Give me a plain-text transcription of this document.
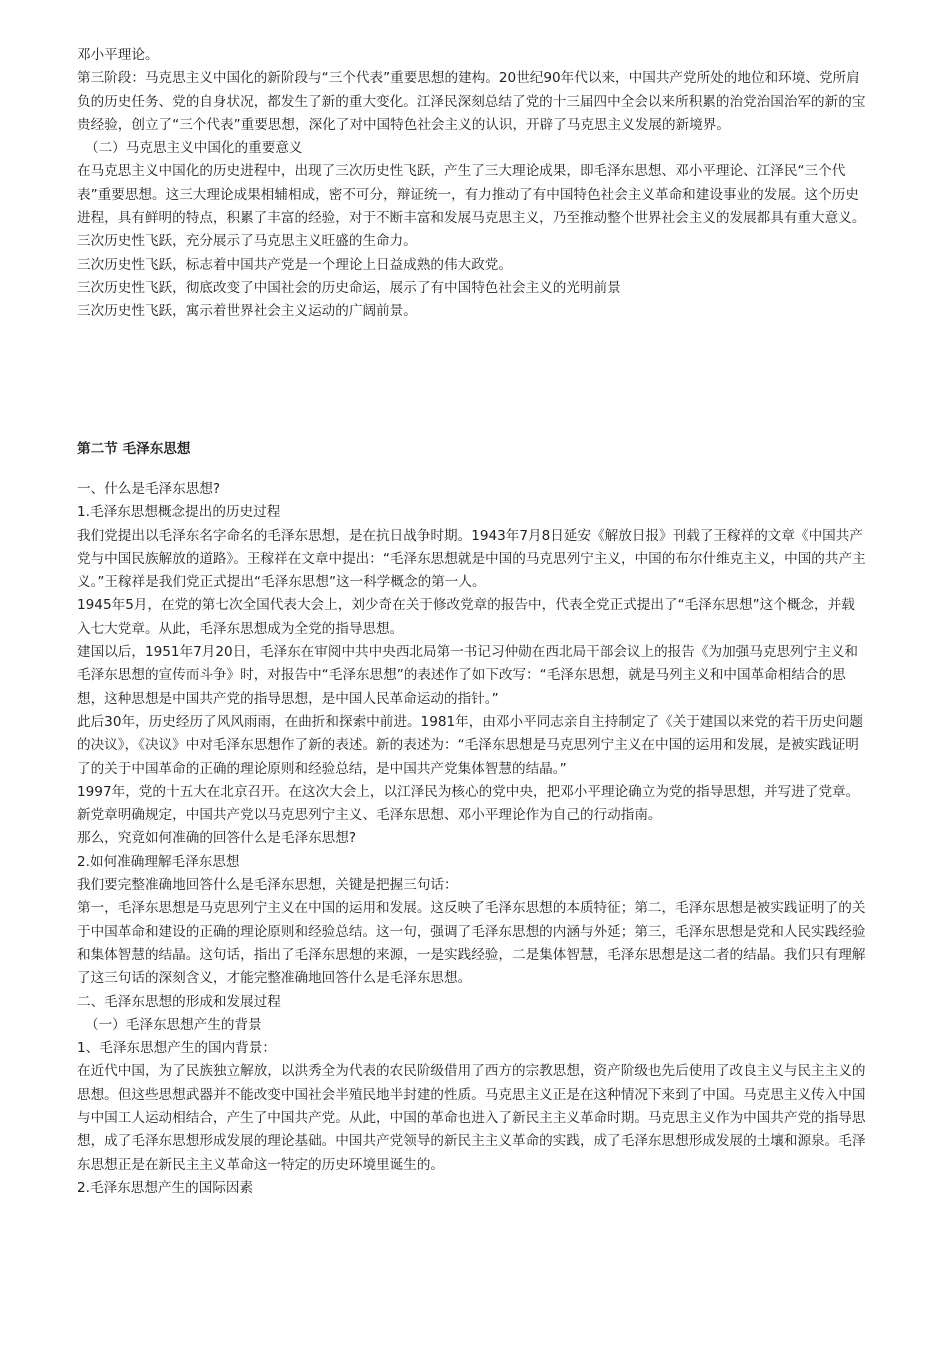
邓小平理论。

第三阶段：马克思主义中国化的新阶段与“三个代表”重要思想的建构。20世纪90年代以来，中国共产党所处的地位和环境、党所肩负的历史任务、党的自身状况，都发生了新的重大变化。江泽民深刻总结了党的十三届四中全会以来所积累的治党治国治军的新的宝贵经验，创立了“三个代表”重要思想，深化了对中国特色社会主义的认识，开辟了马克思主义发展的新境界。

（二）马克思主义中国化的重要意义

在马克思主义中国化的历史进程中，出现了三次历史性飞跃，产生了三大理论成果，即毛泽东思想、邓小平理论、江泽民“三个代表”重要思想。这三大理论成果相辅相成，密不可分，辩证统一，有力推动了有中国特色社会主义革命和建设事业的发展。这个历史进程，具有鲜明的特点，积累了丰富的经验，对于不断丰富和发展马克思主义，乃至推动整个世界社会主义的发展都具有重大意义。

三次历史性飞跃，充分展示了马克思主义旺盛的生命力。

三次历史性飞跃，标志着中国共产党是一个理论上日益成熟的伟大政党。

三次历史性飞跃，彻底改变了中国社会的历史命运，展示了有中国特色社会主义的光明前景

三次历史性飞跃，寓示着世界社会主义运动的广阔前景。

第二节 毛泽东思想

一、什么是毛泽东思想?

1.毛泽东思想概念提出的历史过程

我们党提出以毛泽东名字命名的毛泽东思想，是在抗日战争时期。1943年7月8日延安《解放日报》刊载了王稼祥的文章《中国共产党与中国民族解放的道路》。王稼祥在文章中提出：“毛泽东思想就是中国的马克思列宁主义，中国的布尔什维克主义，中国的共产主义。”王稼祥是我们党正式提出“毛泽东思想”这一科学概念的第一人。

1945年5月，在党的第七次全国代表大会上，刘少奇在关于修改党章的报告中，代表全党正式提出了“毛泽东思想”这个概念，并载入七大党章。从此，毛泽东思想成为全党的指导思想。

建国以后，1951年7月20日，毛泽东在审阅中共中央西北局第一书记习仲勋在西北局干部会议上的报告《为加强马克思列宁主义和毛泽东思想的宣传而斗争》时，对报告中“毛泽东思想”的表述作了如下改写：“毛泽东思想，就是马列主义和中国革命相结合的思想，这种思想是中国共产党的指导思想，是中国人民革命运动的指针。”

此后30年，历史经历了风风雨雨，在曲折和探索中前进。1981年，由邓小平同志亲自主持制定了《关于建国以来党的若干历史问题的决议》，《决议》中对毛泽东思想作了新的表述。新的表述为：“毛泽东思想是马克思列宁主义在中国的运用和发展，是被实践证明了的关于中国革命的正确的理论原则和经验总结，是中国共产党集体智慧的结晶。”

1997年，党的十五大在北京召开。在这次大会上，以江泽民为核心的党中央，把邓小平理论确立为党的指导思想，并写进了党章。新党章明确规定，中国共产党以马克思列宁主义、毛泽东思想、邓小平理论作为自己的行动指南。

那么，究竟如何准确的回答什么是毛泽东思想?

2.如何准确理解毛泽东思想

我们要完整准确地回答什么是毛泽东思想，关键是把握三句话：

第一，毛泽东思想是马克思列宁主义在中国的运用和发展。这反映了毛泽东思想的本质特征；第二，毛泽东思想是被实践证明了的关于中国革命和建设的正确的理论原则和经验总结。这一句，强调了毛泽东思想的内涵与外延；第三，毛泽东思想是党和人民实践经验和集体智慧的结晶。这句话，指出了毛泽东思想的来源，一是实践经验，二是集体智慧，毛泽东思想是这二者的结晶。我们只有理解了这三句话的深刻含义，才能完整准确地回答什么是毛泽东思想。

二、毛泽东思想的形成和发展过程

（一）毛泽东思想产生的背景

1、毛泽东思想产生的国内背景：

在近代中国，为了民族独立解放，以洪秀全为代表的农民阶级借用了西方的宗教思想，资产阶级也先后使用了改良主义与民主主义的思想。但这些思想武器并不能改变中国社会半殖民地半封建的性质。马克思主义正是在这种情况下来到了中国。马克思主义传入中国与中国工人运动相结合，产生了中国共产党。从此，中国的革命也进入了新民主主义革命时期。马克思主义作为中国共产党的指导思想，成了毛泽东思想形成发展的理论基础。中国共产党领导的新民主主义革命的实践，成了毛泽东思想形成发展的土壤和源泉。毛泽东思想正是在新民主主义革命这一特定的历史环境里诞生的。

2.毛泽东思想产生的国际因素
